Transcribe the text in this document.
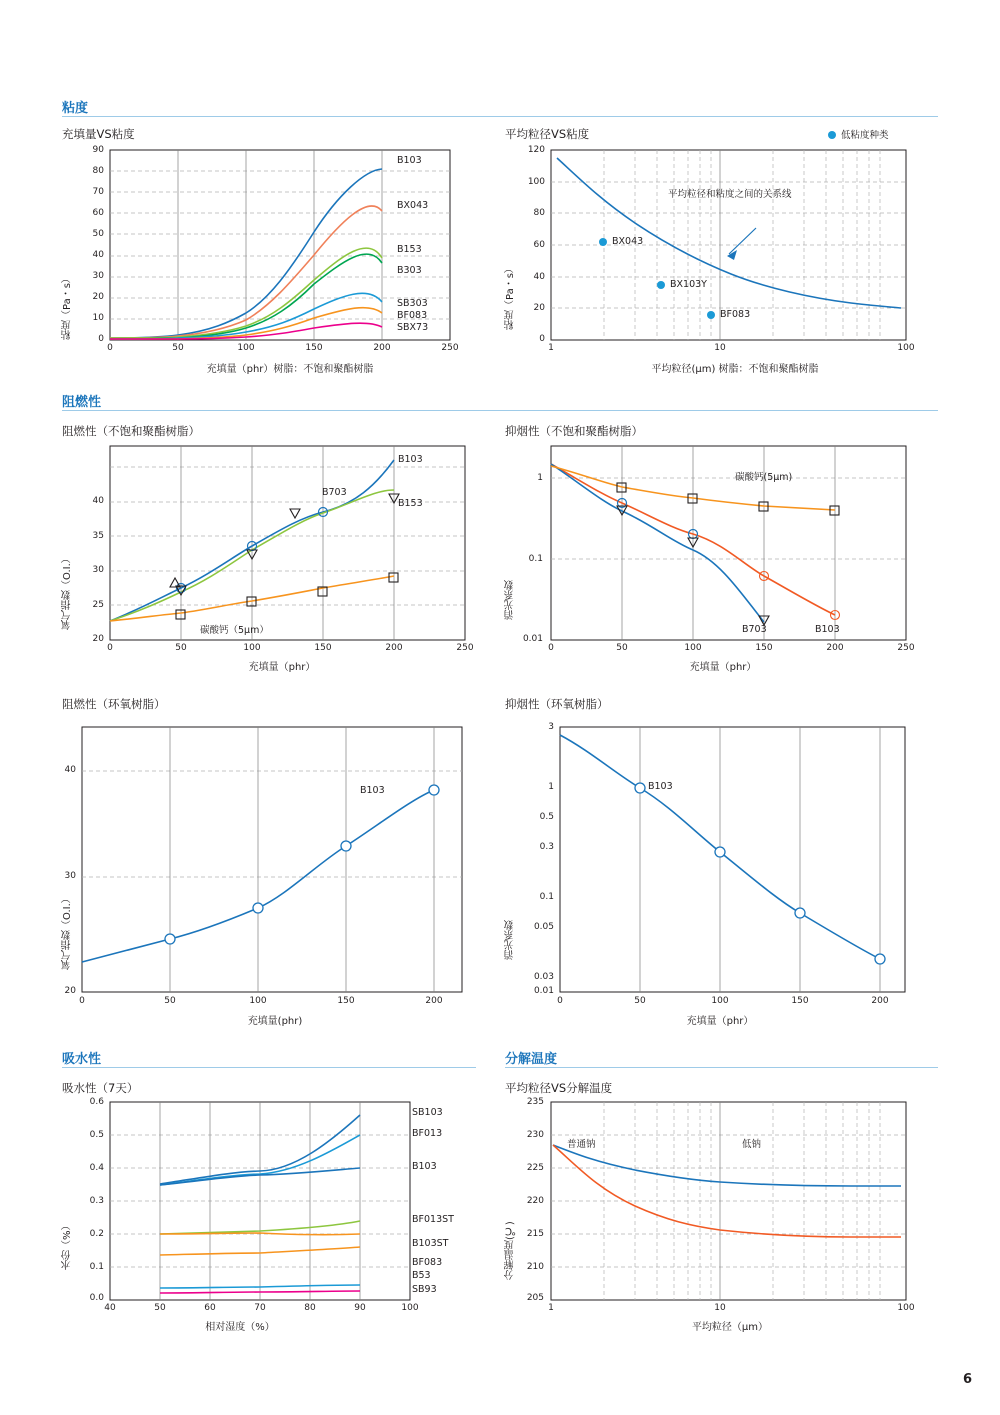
粘度
充填量VS粘度
粘度（Pa・s）
90
80
70
60
50
40
30
20
10
0
0	50	100	150	200	250
充填量（phr）树脂：不饱和聚酯树脂
B103
BX043
B153
B303
SB303
BF083
SBX73
平均粒径VS粘度	低粘度种类
粘度（Pa・s）
平均粒径和粘度之间的关系线
120
100
80
60
40
20
0
1	10	100
平均粒径(μm) 树脂：不饱和聚酯树脂
BX043
BX103Y
BF083
阻燃性
阻燃性（不饱和聚酯树脂）
氧气指数（O.I.）
40
35
30
25
20
0	50	100	150	200	250
充填量（phr）
碳酸钙（5μm）
B703
B153
B103
抑烟性（不饱和聚酯树脂）
消光系数
1
0.1
0.01
0	50	100	150	200	250
充填量（phr）
碳酸钙(5μm)
B703	B103
阻燃性（环氧树脂）
氧气指数（O.I.）
40
30
20
0	50	100	150	200
充填量(phr)
B103
抑烟性（环氧树脂）
消光系数
3
1
0.5
0.3
0.1
0.05
0.03
0.01
0	50	100	150	200
充填量（phr）
B103
吸水性	分解温度
吸水性（7天）
水份（%）
0.6
0.5
0.4
0.3
0.2
0.1
0.0
40	50	60	70	80	90	100
相对湿度（%）
SB103
BF013
B103
BF013ST
B103ST
BF083
B53
SB93
平均粒径VS分解温度
分解温度(℃)
235
230
225
220
215
210
205
1	10	100
平均粒径（μm）
普通钠	低钠
6
